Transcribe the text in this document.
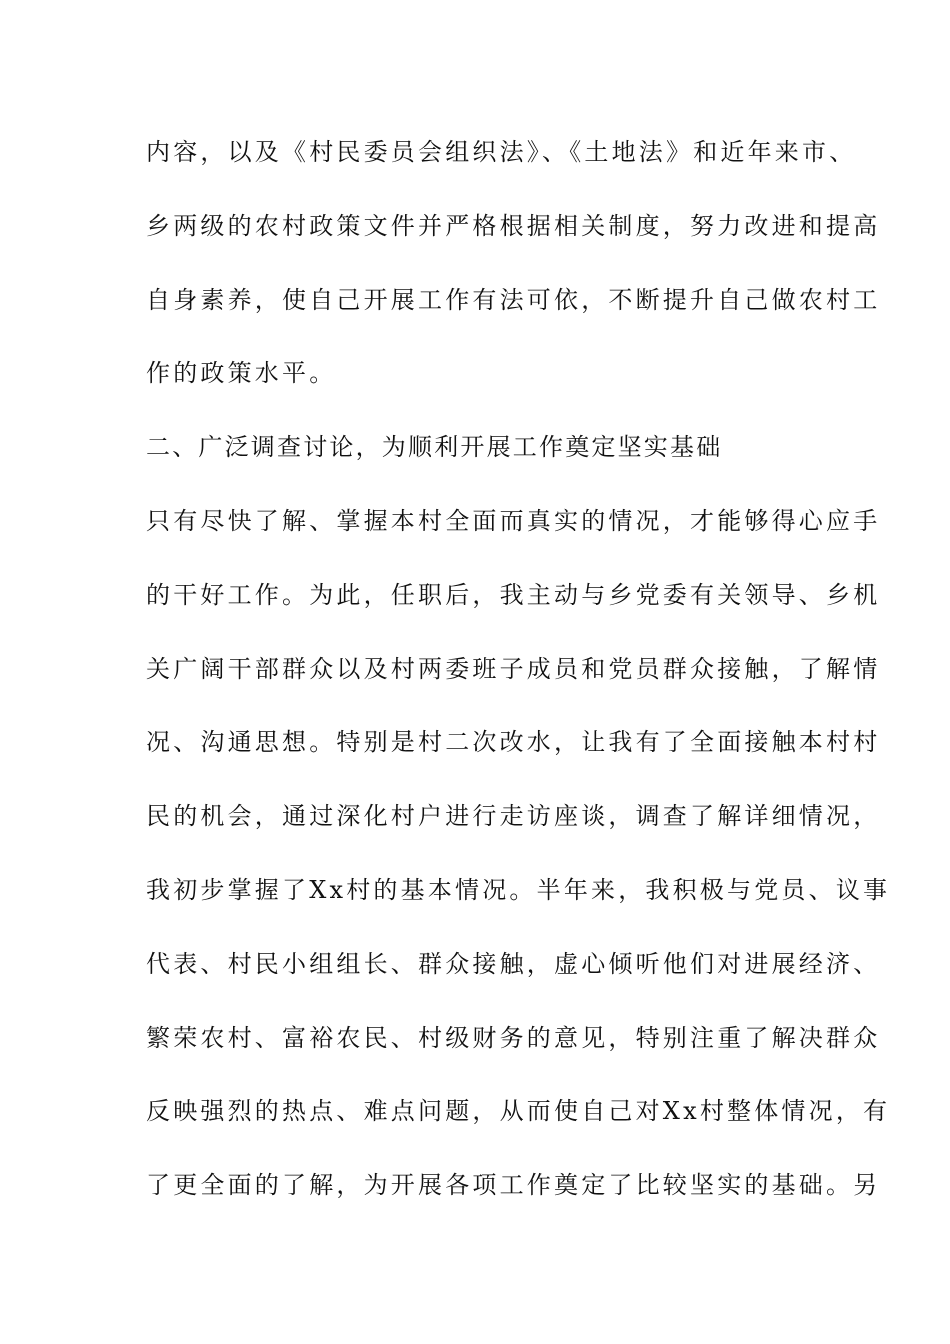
内容，以及《村民委员会组织法》、《土地法》和近年来市、
乡两级的农村政策文件并严格根据相关制度，努力改进和提高
自身素养，使自己开展工作有法可依，不断提升自己做农村工
作的政策水平。
二、广泛调查讨论，为顺利开展工作奠定坚实基础
只有尽快了解、掌握本村全面而真实的情况，才能够得心应手
的干好工作。为此，任职后，我主动与乡党委有关领导、乡机
关广阔干部群众以及村两委班子成员和党员群众接触，了解情
况、沟通思想。特别是村二次改水，让我有了全面接触本村村
民的机会，通过深化村户进行走访座谈，调查了解详细情况，
我初步掌握了Xx村的基本情况。半年来，我积极与党员、议事
代表、村民小组组长、群众接触，虚心倾听他们对进展经济、
繁荣农村、富裕农民、村级财务的意见，特别注重了解决群众
反映强烈的热点、难点问题，从而使自己对Xx村整体情况，有
了更全面的了解，为开展各项工作奠定了比较坚实的基础。另
